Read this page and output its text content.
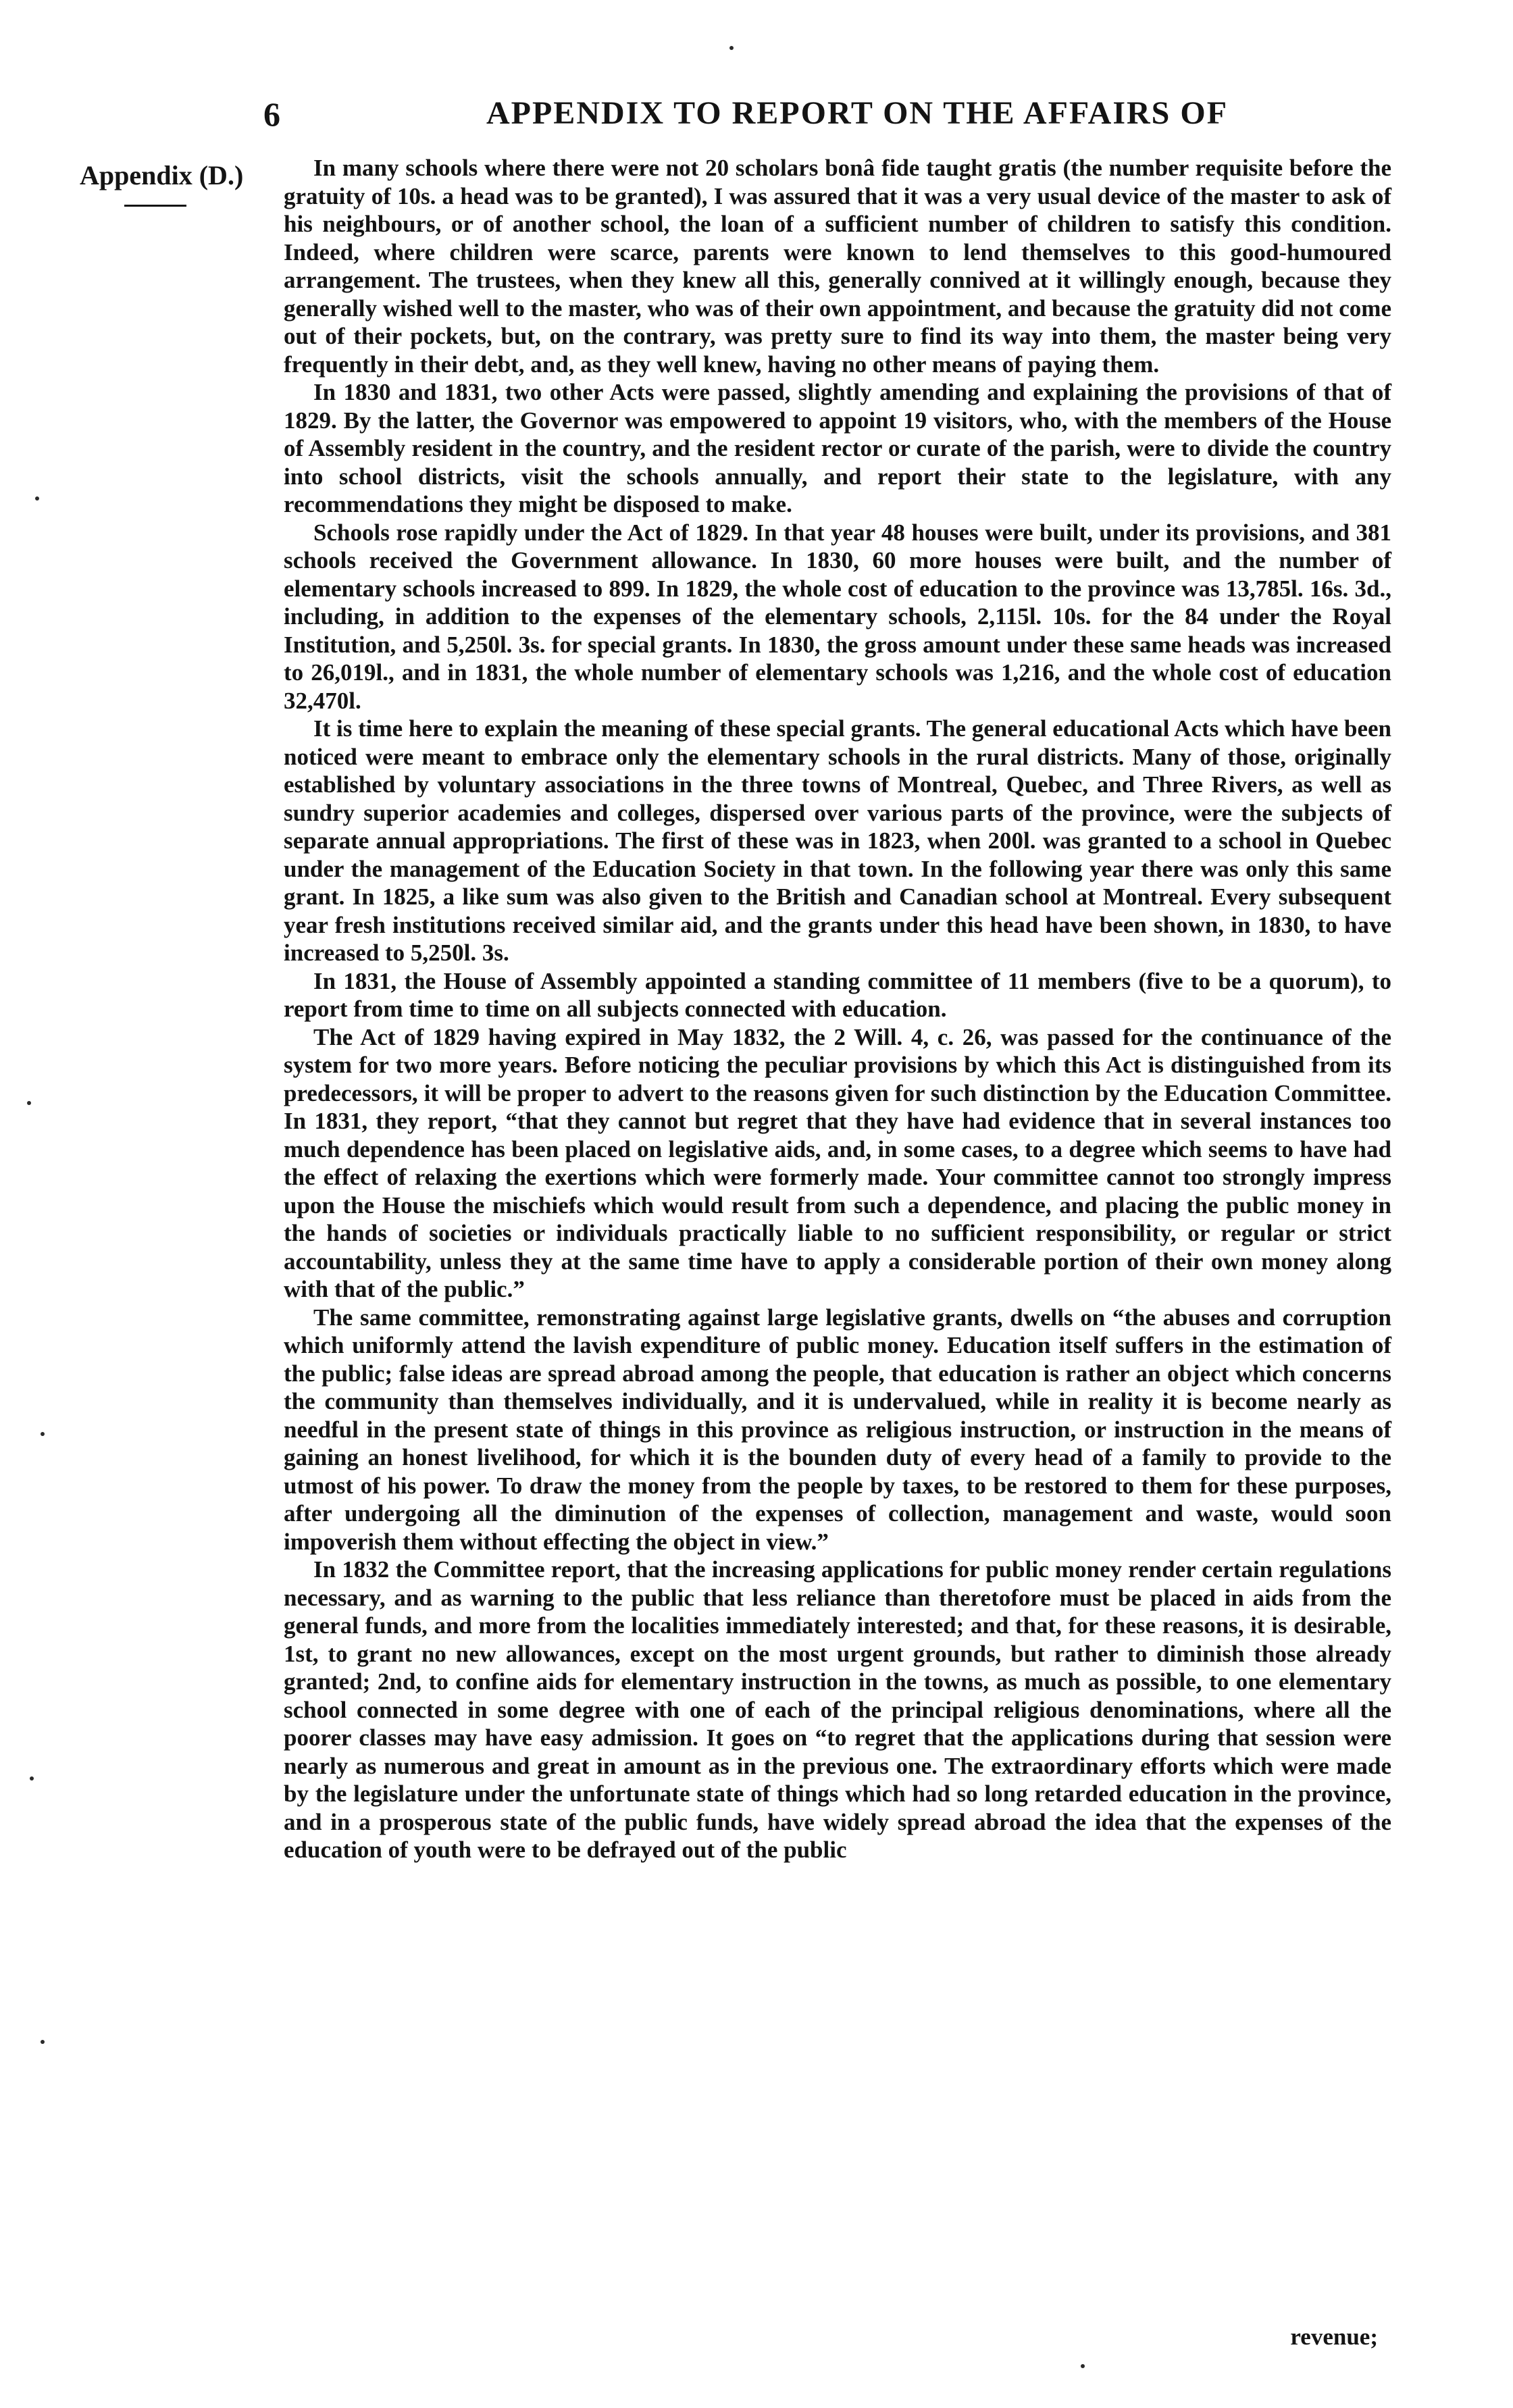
6	APPENDIX TO REPORT ON THE AFFAIRS OF
Appendix (D.)	In many schools where there were not 20 scholars bonâ fide taught gratis (the number requisite before the gratuity of 10s. a head was to be granted), I was assured that it was a very usual device of the master to ask of his neighbours, or of another school, the loan of a sufficient number of children to satisfy this condition. Indeed, where children were scarce, parents were known to lend themselves to this good-humoured arrangement. The trustees, when they knew all this, generally connived at it willingly enough, because they generally wished well to the master, who was of their own appointment, and because the gratuity did not come out of their pockets, but, on the contrary, was pretty sure to find its way into them, the master being very frequently in their debt, and, as they well knew, having no other means of paying them.

In 1830 and 1831, two other Acts were passed, slightly amending and explaining the provisions of that of 1829. By the latter, the Governor was empowered to appoint 19 visitors, who, with the members of the House of Assembly resident in the country, and the resident rector or curate of the parish, were to divide the country into school districts, visit the schools annually, and report their state to the legislature, with any recommendations they might be disposed to make.

Schools rose rapidly under the Act of 1829. In that year 48 houses were built, under its provisions, and 381 schools received the Government allowance. In 1830, 60 more houses were built, and the number of elementary schools increased to 899. In 1829, the whole cost of education to the province was 13,785l. 16s. 3d., including, in addition to the expenses of the elementary schools, 2,115l. 10s. for the 84 under the Royal Institution, and 5,250l. 3s. for special grants. In 1830, the gross amount under these same heads was increased to 26,019l., and in 1831, the whole number of elementary schools was 1,216, and the whole cost of education 32,470l.

It is time here to explain the meaning of these special grants. The general educational Acts which have been noticed were meant to embrace only the elementary schools in the rural districts. Many of those, originally established by voluntary associations in the three towns of Montreal, Quebec, and Three Rivers, as well as sundry superior academies and colleges, dispersed over various parts of the province, were the subjects of separate annual appropriations. The first of these was in 1823, when 200l. was granted to a school in Quebec under the management of the Education Society in that town. In the following year there was only this same grant. In 1825, a like sum was also given to the British and Canadian school at Montreal. Every subsequent year fresh institutions received similar aid, and the grants under this head have been shown, in 1830, to have increased to 5,250l. 3s.

In 1831, the House of Assembly appointed a standing committee of 11 members (five to be a quorum), to report from time to time on all subjects connected with education.

The Act of 1829 having expired in May 1832, the 2 Will. 4, c. 26, was passed for the continuance of the system for two more years. Before noticing the peculiar provisions by which this Act is distinguished from its predecessors, it will be proper to advert to the reasons given for such distinction by the Education Committee. In 1831, they report, “that they cannot but regret that they have had evidence that in several instances too much dependence has been placed on legislative aids, and, in some cases, to a degree which seems to have had the effect of relaxing the exertions which were formerly made. Your committee cannot too strongly impress upon the House the mischiefs which would result from such a dependence, and placing the public money in the hands of societies or individuals practically liable to no sufficient responsibility, or regular or strict accountability, unless they at the same time have to apply a considerable portion of their own money along with that of the public.”

The same committee, remonstrating against large legislative grants, dwells on “the abuses and corruption which uniformly attend the lavish expenditure of public money. Education itself suffers in the estimation of the public; false ideas are spread abroad among the people, that education is rather an object which concerns the community than themselves individually, and it is undervalued, while in reality it is become nearly as needful in the present state of things in this province as religious instruction, or instruction in the means of gaining an honest livelihood, for which it is the bounden duty of every head of a family to provide to the utmost of his power. To draw the money from the people by taxes, to be restored to them for these purposes, after undergoing all the diminution of the expenses of collection, management and waste, would soon impoverish them without effecting the object in view.”

In 1832 the Committee report, that the increasing applications for public money render certain regulations necessary, and as warning to the public that less reliance than theretofore must be placed in aids from the general funds, and more from the localities immediately interested; and that, for these reasons, it is desirable, 1st, to grant no new allowances, except on the most urgent grounds, but rather to diminish those already granted; 2nd, to confine aids for elementary instruction in the towns, as much as possible, to one elementary school connected in some degree with one of each of the principal religious denominations, where all the poorer classes may have easy admission. It goes on “to regret that the applications during that session were nearly as numerous and great in amount as in the previous one. The extraordinary efforts which were made by the legislature under the unfortunate state of things which had so long retarded education in the province, and in a prosperous state of the public funds, have widely spread abroad the idea that the expenses of the education of youth were to be defrayed out of the public

revenue;
